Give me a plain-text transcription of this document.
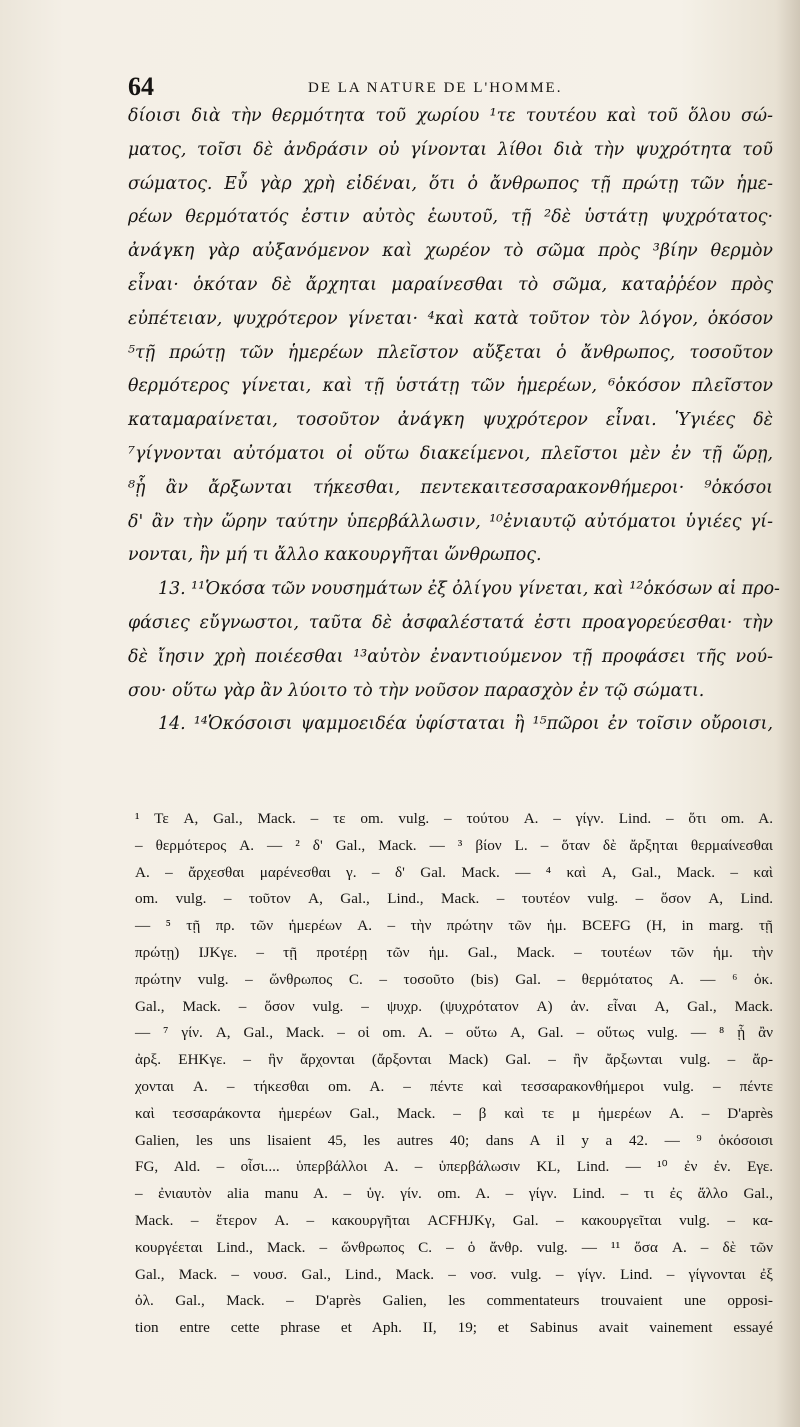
64	DE LA NATURE DE L'HOMME.
δίοισι διὰ τὴν θερμότητα τοῦ χωρίου ¹τε τουτέου καὶ τοῦ ὅλου σώ-
ματος, τοῖσι δὲ ἀνδράσιν οὐ γίνονται λίθοι διὰ τὴν ψυχρότητα τοῦ
σώματος. Εὖ γὰρ χρὴ εἰδέναι, ὅτι ὁ ἄνθρωπος τῇ πρώτῃ τῶν ἡμε-
ρέων θερμότατός ἐστιν αὐτὸς ἑωυτοῦ, τῇ ²δὲ ὑστάτῃ ψυχρότατος·
ἀνάγκη γὰρ αὐξανόμενον καὶ χωρέον τὸ σῶμα πρὸς ³βίην θερμὸν
εἶναι· ὁκόταν δὲ ἄρχηται μαραίνεσθαι τὸ σῶμα, καταῤῥέον πρὸς
εὐπέτειαν, ψυχρότερον γίνεται· ⁴καὶ κατὰ τοῦτον τὸν λόγον, ὁκόσον
⁵τῇ πρώτῃ τῶν ἡμερέων πλεῖστον αὔξεται ὁ ἄνθρωπος, τοσοῦτον
θερμότερος γίνεται, καὶ τῇ ὑστάτῃ τῶν ἡμερέων, ⁶ὁκόσον πλεῖστον
καταμαραίνεται, τοσοῦτον ἀνάγκη ψυχρότερον εἶναι. Ὑγιέες δὲ
⁷γίγνονται αὐτόματοι οἱ οὕτω διακείμενοι, πλεῖστοι μὲν ἐν τῇ ὥρῃ,
⁸ᾗ ἂν ἄρξωνται τήκεσθαι, πεντεκαιτεσσαρακονθήμεροι· ⁹ὁκόσοι
δ' ἂν τὴν ὥρην ταύτην ὑπερβάλλωσιν, ¹⁰ἐνιαυτῷ αὐτόματοι ὑγιέες γί-
νονται, ἢν μή τι ἄλλο κακουργῆται ὥνθρωπος.
13. ¹¹Ὁκόσα τῶν νουσημάτων ἐξ ὀλίγου γίνεται, καὶ ¹²ὁκόσων αἱ προ-
φάσιες εὔγνωστοι, ταῦτα δὲ ἀσφαλέστατά ἐστι προαγορεύεσθαι· τὴν
δὲ ἴησιν χρὴ ποιέεσθαι ¹³αὐτὸν ἐναντιούμενον τῇ προφάσει τῆς νού-
σου· οὕτω γὰρ ἂν λύοιτο τὸ τὴν νοῦσον παρασχὸν ἐν τῷ σώματι.
14. ¹⁴Ὁκόσοισι ψαμμοειδέα ὑφίσταται ἢ ¹⁵πῶροι ἐν τοῖσιν οὔροισι,
¹ Τε A, Gal., Mack. – τε om. vulg. – τούτου A. – γίγν. Lind. – ὅτι om. A.
– θερμότερος A. — ² δ' Gal., Mack. — ³ βίον L. – ὅταν δὲ ἄρξηται θερμαίνεσθαι
A. – ἄρχεσθαι μαρένεσθαι γ. – δ' Gal. Mack. — ⁴ καὶ A, Gal., Mack. – καὶ
om. vulg. – τοῦτον A, Gal., Lind., Mack. – τουτέον vulg. – ὅσον A, Lind.
— ⁵ τῇ πρ. τῶν ἡμερέων A. – τὴν πρώτην τῶν ἡμ. BCEFG (H, in marg. τῇ
πρώτῃ) IJKγε. – τῇ προτέρῃ τῶν ἡμ. Gal., Mack. – τουτέων τῶν ἡμ. τὴν
πρώτην vulg. – ὥνθρωπος C. – τοσοῦτο (bis) Gal. – θερμότατος A. — ⁶ ὁκ.
Gal., Mack. – ὅσον vulg. – ψυχρ. (ψυχρότατον A) ἀν. εἶναι A, Gal., Mack.
— ⁷ γίν. A, Gal., Mack. – οἱ om. A. – οὕτω A, Gal. – οὕτως vulg. — ⁸ ᾗ ἂν
ἀρξ. EHKγε. – ἣν ἄρχονται (ἄρξονται Mack) Gal. – ἢν ἄρξωνται vulg. – ἄρ-
χονται A. – τήκεσθαι om. A. – πέντε καὶ τεσσαρακονθήμεροι vulg. – πέντε
καὶ τεσσαράκοντα ἡμερέων Gal., Mack. – β καὶ τε μ ἡμερέων A. – D'après
Galien, les uns lisaient 45, les autres 40; dans A il y a 42. — ⁹ ὁκόσοισι
FG, Ald. – οἶσι.... ὑπερβάλλοι A. – ὑπερβάλωσιν KL, Lind. — ¹⁰ ἐν ἐν. Εγε.
– ἐνιαυτὸν alia manu A. – ὑγ. γίν. om. A. – γίγν. Lind. – τι ἐς ἄλλο Gal.,
Mack. – ἕτερον A. – κακουργῆται ACFHJKγ, Gal. – κακουργεῖται vulg. – κα-
κουργέεται Lind., Mack. – ὥνθρωπος C. – ὁ ἄνθρ. vulg. — ¹¹ ὅσα A. – δὲ τῶν
Gal., Mack. – νουσ. Gal., Lind., Mack. – νοσ. vulg. – γίγν. Lind. – γίγνονται ἐξ
ὀλ. Gal., Mack. – D'après Galien, les commentateurs trouvaient une opposi-
tion entre cette phrase et Aph. II, 19; et Sabinus avait vainement essayé
